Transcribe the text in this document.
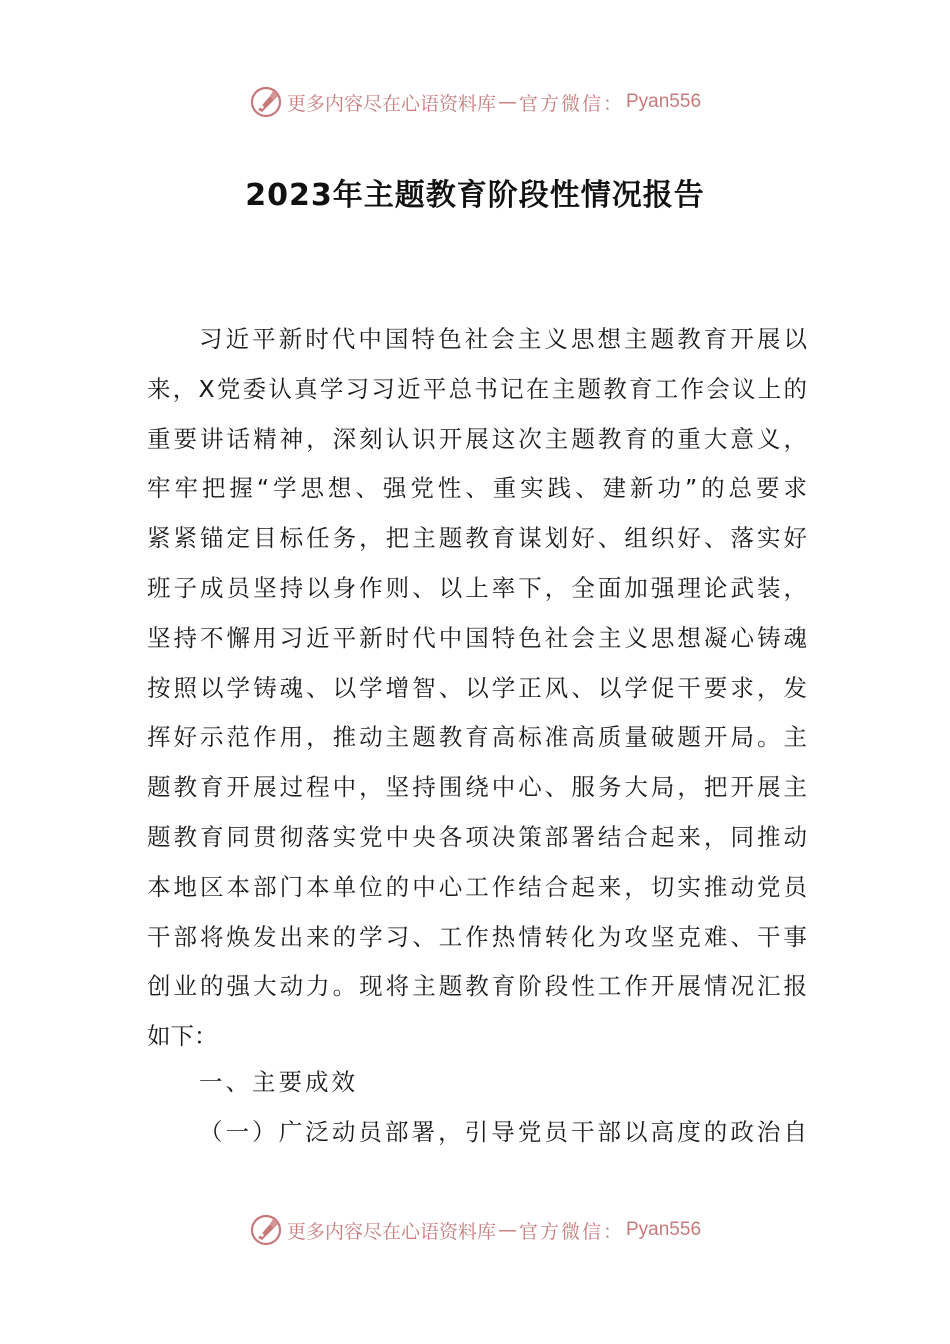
更多内容尽在心语资料库 — 官方微信： Pyan556
2023年主题教育阶段性情况报告
习近平新时代中国特色社会主义思想主题教育开展以
来，X党委认真学习习近平总书记在主题教育工作会议上的
重要讲话精神，深刻认识开展这次主题教育的重大意义，
牢牢把握“学思想、强党性、重实践、建新功”的总要求
紧紧锚定目标任务，把主题教育谋划好、组织好、落实好
班子成员坚持以身作则、以上率下，全面加强理论武装，
坚持不懈用习近平新时代中国特色社会主义思想凝心铸魂
按照以学铸魂、以学增智、以学正风、以学促干要求，发
挥好示范作用，推动主题教育高标准高质量破题开局。主
题教育开展过程中，坚持围绕中心、服务大局，把开展主
题教育同贯彻落实党中央各项决策部署结合起来，同推动
本地区本部门本单位的中心工作结合起来，切实推动党员
干部将焕发出来的学习、工作热情转化为攻坚克难、干事
创业的强大动力。现将主题教育阶段性工作开展情况汇报
如下：
一、主要成效
（一）广泛动员部署，引导党员干部以高度的政治自
更多内容尽在心语资料库 — 官方微信： Pyan556
